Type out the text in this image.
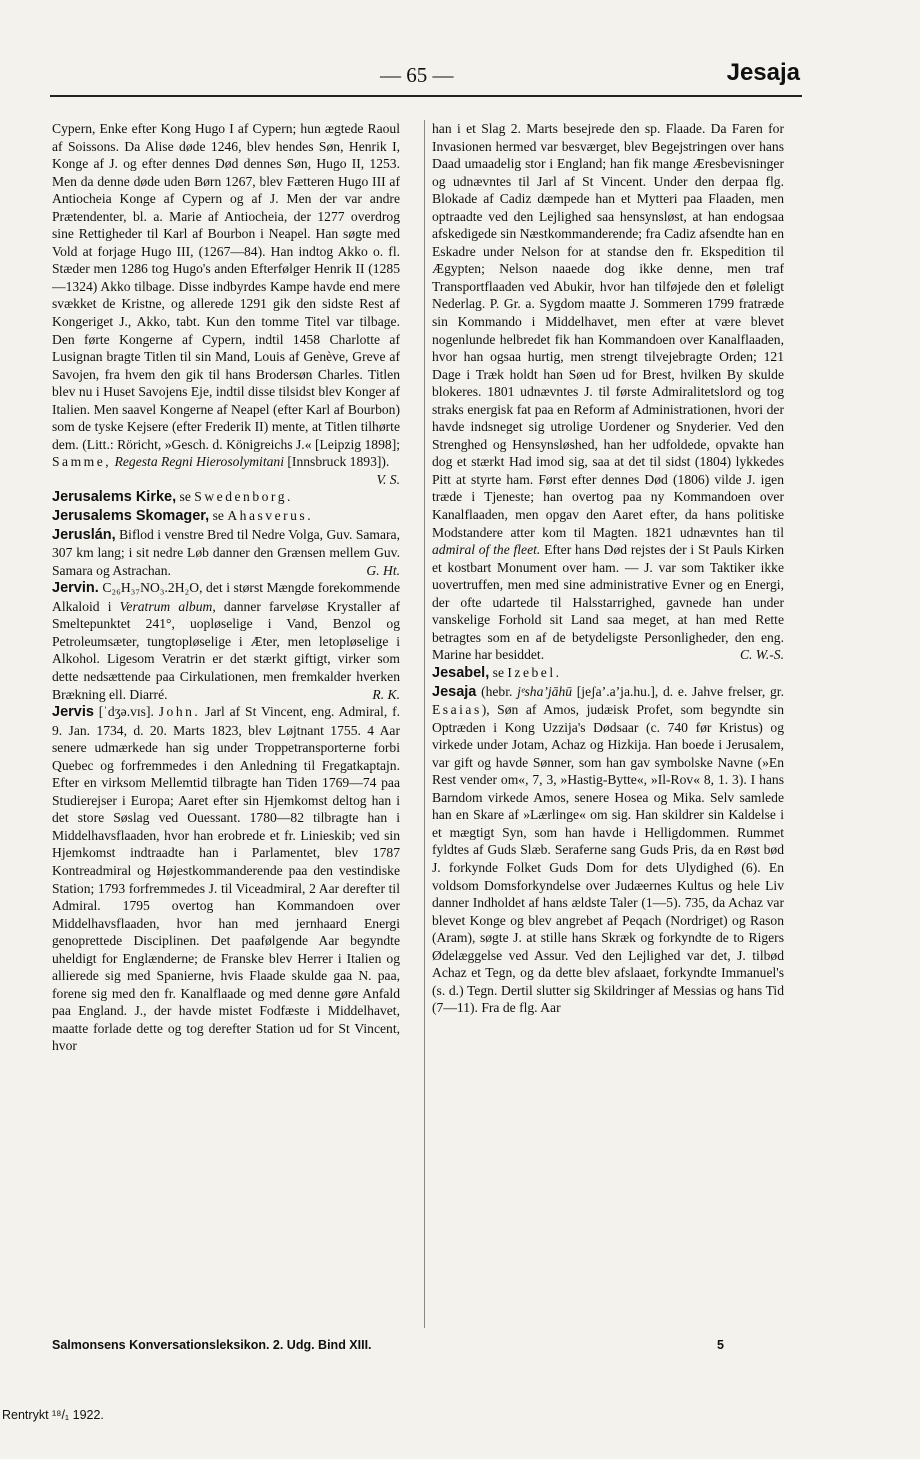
— 65 —	Jesaja

Cypern, Enke efter Kong Hugo I af Cypern; hun ægtede Raoul af Soissons. Da Alise døde 1246, blev hendes Søn, Henrik I, Konge af J. og efter dennes Død dennes Søn, Hugo II, 1253. Men da denne døde uden Børn 1267, blev Fætteren Hugo III af Antiocheia Konge af Cypern og af J. Men der var andre Prætendenter, bl. a. Marie af Antiocheia, der 1277 overdrog sine Rettigheder til Karl af Bourbon i Neapel. Han søgte med Vold at forjage Hugo III, (1267—84). Han indtog Akko o. fl. Stæder men 1286 tog Hugo's anden Efterfølger Henrik II (1285—1324) Akko tilbage. Disse indbyrdes Kampe havde end mere svækket de Kristne, og allerede 1291 gik den sidste Rest af Kongeriget J., Akko, tabt. Kun den tomme Titel var tilbage. Den førte Kongerne af Cypern, indtil 1458 Charlotte af Lusignan bragte Titlen til sin Mand, Louis af Genève, Greve af Savojen, fra hvem den gik til hans Brodersøn Charles. Titlen blev nu i Huset Savojens Eje, indtil disse tilsidst blev Konger af Italien. Men saavel Kongerne af Neapel (efter Karl af Bourbon) som de tyske Kejsere (efter Frederik II) mente, at Titlen tilhørte dem. (Litt.: Röricht, »Gesch. d. Königreichs J.« [Leipzig 1898]; Samme, Regesta Regni Hierosolymitani [Innsbruck 1893]).
V. S.

Jerusalems Kirke, se Swedenborg.

Jerusalems Skomager, se Ahasverus.

Jeruslán, Biflod i venstre Bred til Nedre Volga, Guv. Samara, 307 km lang; i sit nedre Løb danner den Grænsen mellem Guv. Samara og Astrachan.	G. Ht.

Jervin. C₂₆H₃₇NO₃.2H₂O, det i størst Mængde forekommende Alkaloid i Veratrum album, danner farveløse Krystaller af Smeltepunktet 241°, uopløselige i Vand, Benzol og Petroleumsæter, tungtopløselige i Æter, men letopløselige i Alkohol. Ligesom Veratrin er det stærkt giftigt, virker som dette nedsættende paa Cirkulationen, men fremkalder hverken Brækning ell. Diarré.	R. K.

Jervis [ˈdʒə.vɪs]. John. Jarl af St Vincent, eng. Admiral, f. 9. Jan. 1734, d. 20. Marts 1823, blev Løjtnant 1755. 4 Aar senere udmærkede han sig under Troppetransporterne forbi Quebec og forfremmedes i den Anledning til Fregatkaptajn. Efter en virksom Mellemtid tilbragte han Tiden 1769—74 paa Studierejser i Europa; Aaret efter sin Hjemkomst deltog han i det store Søslag ved Ouessant. 1780—82 tilbragte han i Middelhavsflaaden, hvor han erobrede et fr. Linieskib; ved sin Hjemkomst indtraadte han i Parlamentet, blev 1787 Kontreadmiral og Højestkommanderende paa den vestindiske Station; 1793 forfremmedes J. til Viceadmiral, 2 Aar derefter til Admiral. 1795 overtog han Kommandoen over Middelhavsflaaden, hvor han med jernhaard Energi genoprettede Disciplinen. Det paafølgende Aar begyndte uheldigt for Englænderne; de Franske blev Herrer i Italien og allierede sig med Spanierne, hvis Flaade skulde gaa N. paa, forene sig med den fr. Kanalflaade og med denne gøre Anfald paa England. J., der havde mistet Fodfæste i Middelhavet, maatte forlade dette og tog derefter Station ud for St Vincent, hvor

han i et Slag 2. Marts besejrede den sp. Flaade. Da Faren for Invasionen hermed var besværget, blev Begejstringen over hans Daad umaadelig stor i England; han fik mange Æresbevisninger og udnævntes til Jarl af St Vincent. Under den derpaa flg. Blokade af Cadiz dæmpede han et Mytteri paa Flaaden, men optraadte ved den Lejlighed saa hensynsløst, at han endogsaa afskedigede sin Næstkommanderende; fra Cadiz afsendte han en Eskadre under Nelson for at standse den fr. Ekspedition til Ægypten; Nelson naaede dog ikke denne, men traf Transportflaaden ved Abukir, hvor han tilføjede den et føleligt Nederlag. P. Gr. a. Sygdom maatte J. Sommeren 1799 fratræde sin Kommando i Middelhavet, men efter at være blevet nogenlunde helbredet fik han Kommandoen over Kanalflaaden, hvor han ogsaa hurtig, men strengt tilvejebragte Orden; 121 Dage i Træk holdt han Søen ud for Brest, hvilken By skulde blokeres. 1801 udnævntes J. til første Admiralitetslord og tog straks energisk fat paa en Reform af Administrationen, hvori der havde indsneget sig utrolige Uordener og Snyderier. Ved den Strenghed og Hensynsløshed, han her udfoldede, opvakte han dog et stærkt Had imod sig, saa at det til sidst (1804) lykkedes Pitt at styrte ham. Først efter dennes Død (1806) vilde J. igen træde i Tjeneste; han overtog paa ny Kommandoen over Kanalflaaden, men opgav den Aaret efter, da hans politiske Modstandere atter kom til Magten. 1821 udnævntes han til admiral of the fleet. Efter hans Død rejstes der i St Pauls Kirken et kostbart Monument over ham. — J. var som Taktiker ikke uovertruffen, men med sine administrative Evner og en Energi, der ofte udartede til Halsstarrighed, gavnede han under vanskelige Forhold sit Land saa meget, at han med Rette betragtes som en af de betydeligste Personligheder, den eng. Marine har besiddet.	C. W.-S.

Jesabel, se Izebel.

Jesaja (hebr. jᵉshaʼjāhū [jeʃaʼ.aʼja.hu.], d. e. Jahve frelser, gr. Esaias), Søn af Amos, judæisk Profet, som begyndte sin Optræden i Kong Uzzija's Dødsaar (c. 740 før Kristus) og virkede under Jotam, Achaz og Hizkija. Han boede i Jerusalem, var gift og havde Sønner, som han gav symbolske Navne (»En Rest vender om«, 7, 3, »Hastig-Bytte«, »Il-Rov« 8, 1. 3). I hans Barndom virkede Amos, senere Hosea og Mika. Selv samlede han en Skare af »Lærlinge« om sig. Han skildrer sin Kaldelse i et mægtigt Syn, som han havde i Helligdommen. Rummet fyldtes af Guds Slæb. Seraferne sang Guds Pris, da en Røst bød J. forkynde Folket Guds Dom for dets Ulydighed (6). En voldsom Domsforkyndelse over Judæernes Kultus og hele Liv danner Indholdet af hans ældste Taler (1—5). 735, da Achaz var blevet Konge og blev angrebet af Peqach (Nordriget) og Rason (Aram), søgte J. at stille hans Skræk og forkyndte de to Rigers Ødelæggelse ved Assur. Ved den Lejlighed var det, J. tilbød Achaz et Tegn, og da dette blev afslaaet, forkyndte Immanuel's (s. d.) Tegn. Dertil slutter sig Skildringer af Messias og hans Tid (7—11). Fra de flg. Aar

Salmonsens Konversationsleksikon. 2. Udg. Bind XIII.	5
Rentrykt ¹⁸/₁ 1922.
